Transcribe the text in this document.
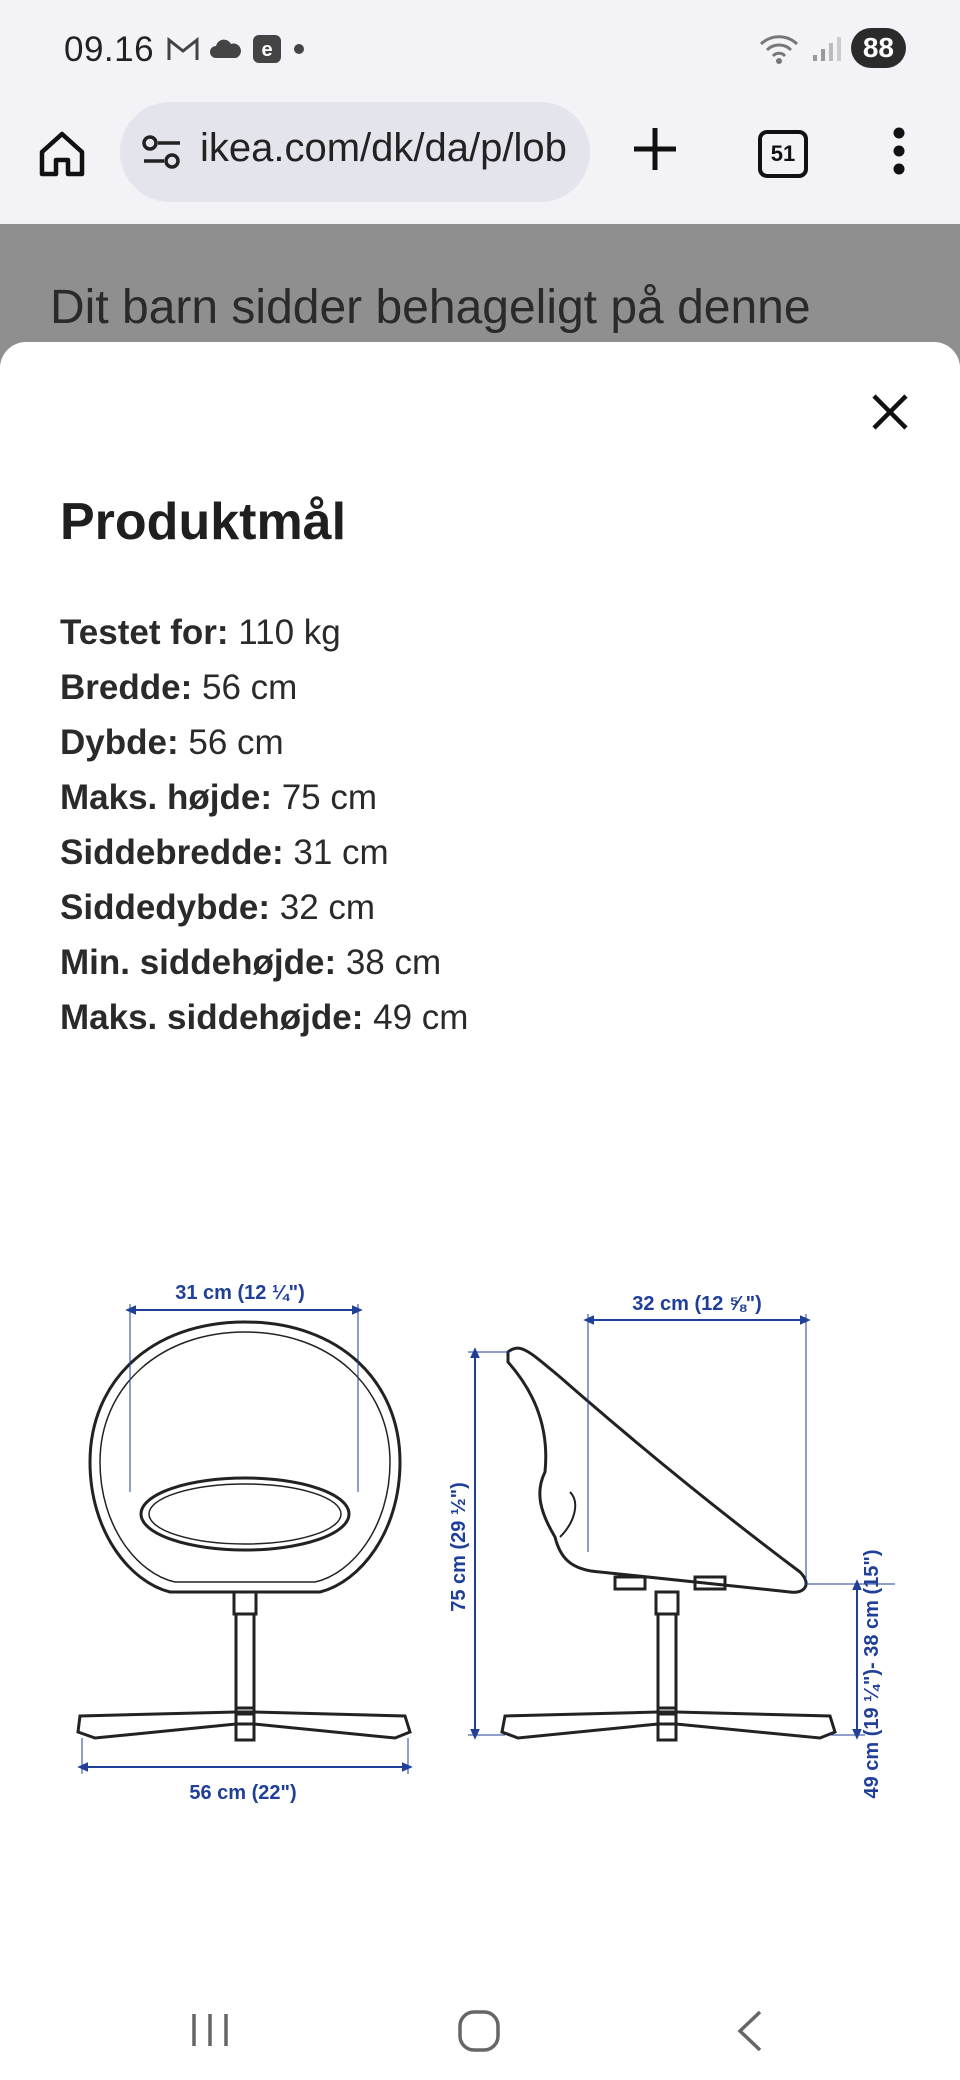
09.16	e	88
ikea.com/dk/da/p/lob	51
Dit barn sidder behageligt på denne
Produktmål
Testet for: 110 kg
Bredde: 56 cm
Dybde: 56 cm
Maks. højde: 75 cm
Siddebredde: 31 cm
Siddedybde: 32 cm
Min. siddehøjde: 38 cm
Maks. siddehøjde: 49 cm
31 cm (12 ¼")
56 cm (22")
32 cm (12 ⅝")
75 cm (29 ½")
49 cm (19 ¼")- 38 cm (15")
